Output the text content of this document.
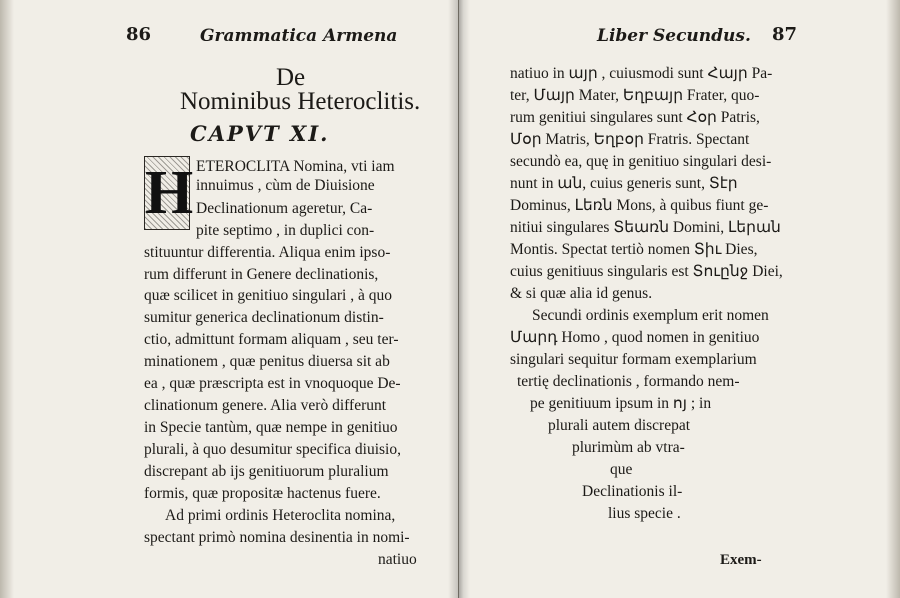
86	Grammatica Armena
De
Nominibus Heteroclitis.
CAPVT XI.
H ETEROCLITA Nomina, vti iam
innuimus , cùm de Diuisione
Declinationum ageretur, Ca-
pite septimo , in duplici con-
stituuntur differentia. Aliqua enim ipso-
rum differunt in Genere declinationis,
quæ scilicet in genitiuo singulari , à quo
sumitur generica declinationum distin-
ctio, admittunt formam aliquam , seu ter-
minationem , quæ penitus diuersa sit ab
ea , quæ præscripta est in vnoquoque De-
clinationum genere. Alia verò differunt
in Specie tantùm, quæ nempe in genitiuo
plurali, à quo desumitur specifica diuisio,
discrepant ab ijs genitiuorum pluralium
formis, quæ propositæ hactenus fuere.
Ad primi ordinis Heteroclita nomina,
spectant primò nomina desinentia in nomi-
natiuo
Liber Secundus. 87
natiuo in այր , cuiusmodi sunt Հայր Pa-
ter, Մայր Mater, Եղբայր Frater, quo-
rum genitiui singulares sunt Հօր Patris,
Մօր Matris, Եղբօր Fratris. Spectant
secundò ea, quę in genitiuo singulari desi-
nunt in ան, cuius generis sunt, Տէր
Dominus, Լեռն Mons, à quibus fiunt ge-
nitiui singulares Տեառն Domini, Լերան
Montis. Spectat tertiò nomen Տիւ Dies,
cuius genitiuus singularis est Տուընջ Diei,
& si quæ alia id genus.
Secundi ordinis exemplum erit nomen
Մարդ Homo , quod nomen in genitiuo
singulari sequitur formam exemplarium
tertię declinationis , formando nem-
pe genitiuum ipsum in ոյ ; in
plurali autem discrepat
plurimùm ab vtra-
que
Declinationis il-
lius specie .
Exem-
